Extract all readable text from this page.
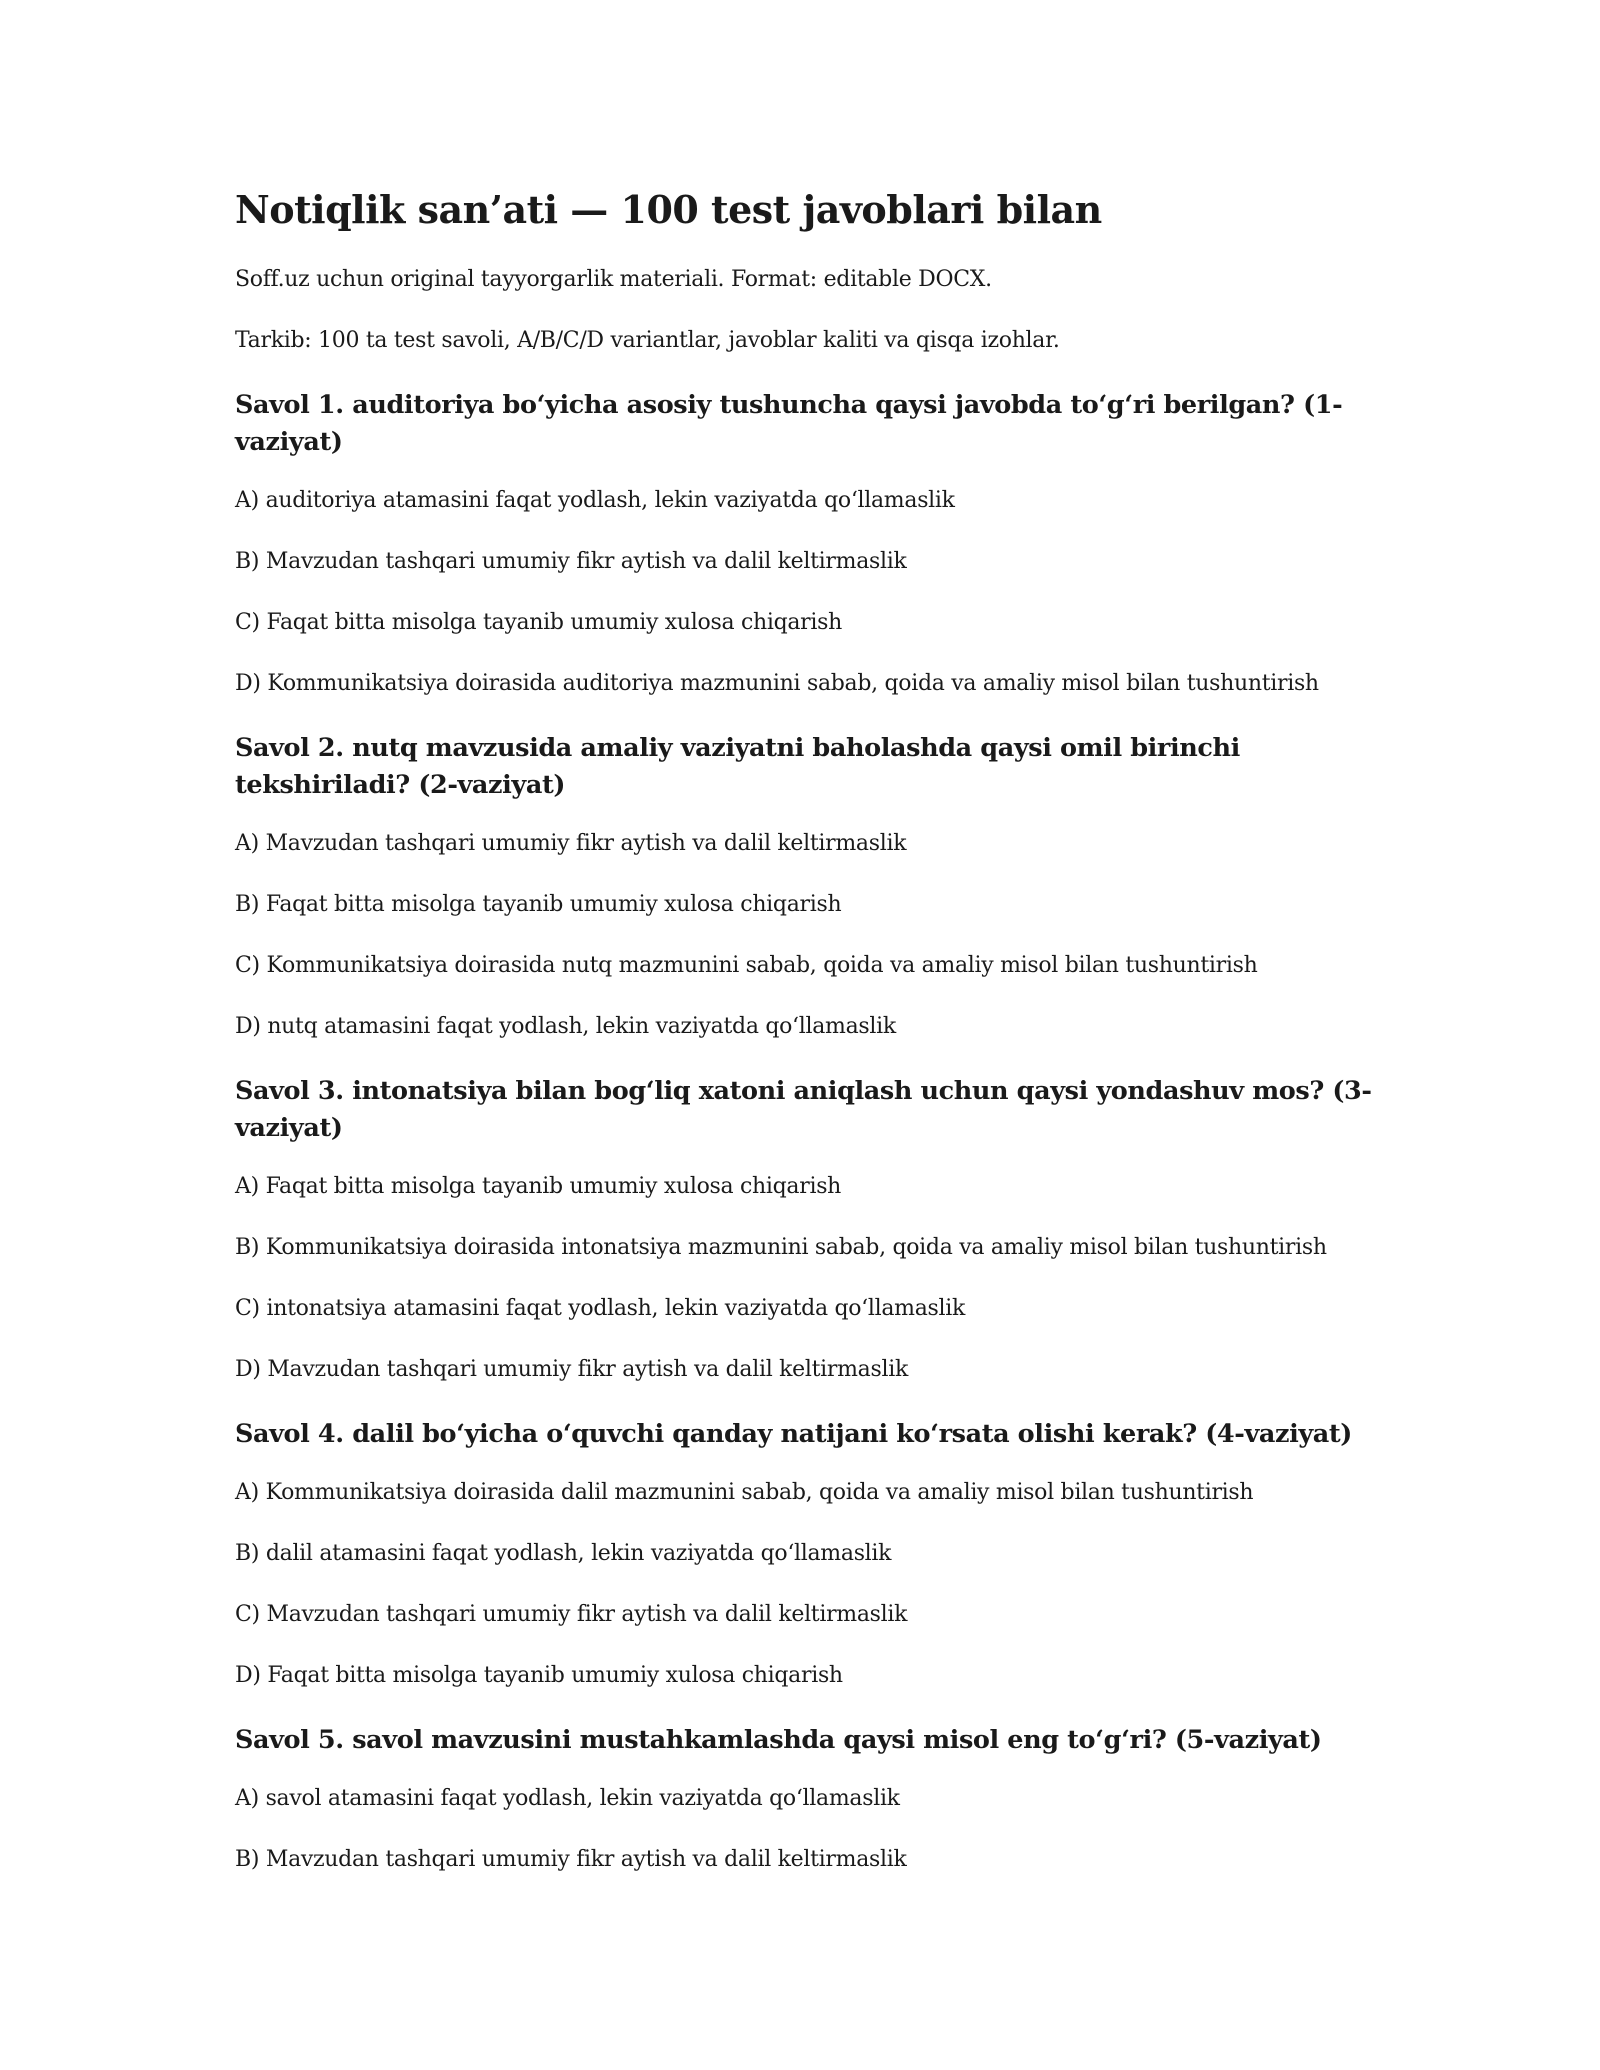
Notiqlik san’ati — 100 test javoblari bilan

Soff.uz uchun original tayyorgarlik materiali. Format: editable DOCX.

Tarkib: 100 ta test savoli, A/B/C/D variantlar, javoblar kaliti va qisqa izohlar.

Savol 1. auditoriya bo‘yicha asosiy tushuncha qaysi javobda to‘g‘ri berilgan? (1-vaziyat)

A) auditoriya atamasini faqat yodlash, lekin vaziyatda qo‘llamaslik

B) Mavzudan tashqari umumiy fikr aytish va dalil keltirmaslik

C) Faqat bitta misolga tayanib umumiy xulosa chiqarish

D) Kommunikatsiya doirasida auditoriya mazmunini sabab, qoida va amaliy misol bilan tushuntirish

Savol 2. nutq mavzusida amaliy vaziyatni baholashda qaysi omil birinchi tekshiriladi? (2-vaziyat)

A) Mavzudan tashqari umumiy fikr aytish va dalil keltirmaslik

B) Faqat bitta misolga tayanib umumiy xulosa chiqarish

C) Kommunikatsiya doirasida nutq mazmunini sabab, qoida va amaliy misol bilan tushuntirish

D) nutq atamasini faqat yodlash, lekin vaziyatda qo‘llamaslik

Savol 3. intonatsiya bilan bog‘liq xatoni aniqlash uchun qaysi yondashuv mos? (3-vaziyat)

A) Faqat bitta misolga tayanib umumiy xulosa chiqarish

B) Kommunikatsiya doirasida intonatsiya mazmunini sabab, qoida va amaliy misol bilan tushuntirish

C) intonatsiya atamasini faqat yodlash, lekin vaziyatda qo‘llamaslik

D) Mavzudan tashqari umumiy fikr aytish va dalil keltirmaslik

Savol 4. dalil bo‘yicha o‘quvchi qanday natijani ko‘rsata olishi kerak? (4-vaziyat)

A) Kommunikatsiya doirasida dalil mazmunini sabab, qoida va amaliy misol bilan tushuntirish

B) dalil atamasini faqat yodlash, lekin vaziyatda qo‘llamaslik

C) Mavzudan tashqari umumiy fikr aytish va dalil keltirmaslik

D) Faqat bitta misolga tayanib umumiy xulosa chiqarish

Savol 5. savol mavzusini mustahkamlashda qaysi misol eng to‘g‘ri? (5-vaziyat)

A) savol atamasini faqat yodlash, lekin vaziyatda qo‘llamaslik

B) Mavzudan tashqari umumiy fikr aytish va dalil keltirmaslik
